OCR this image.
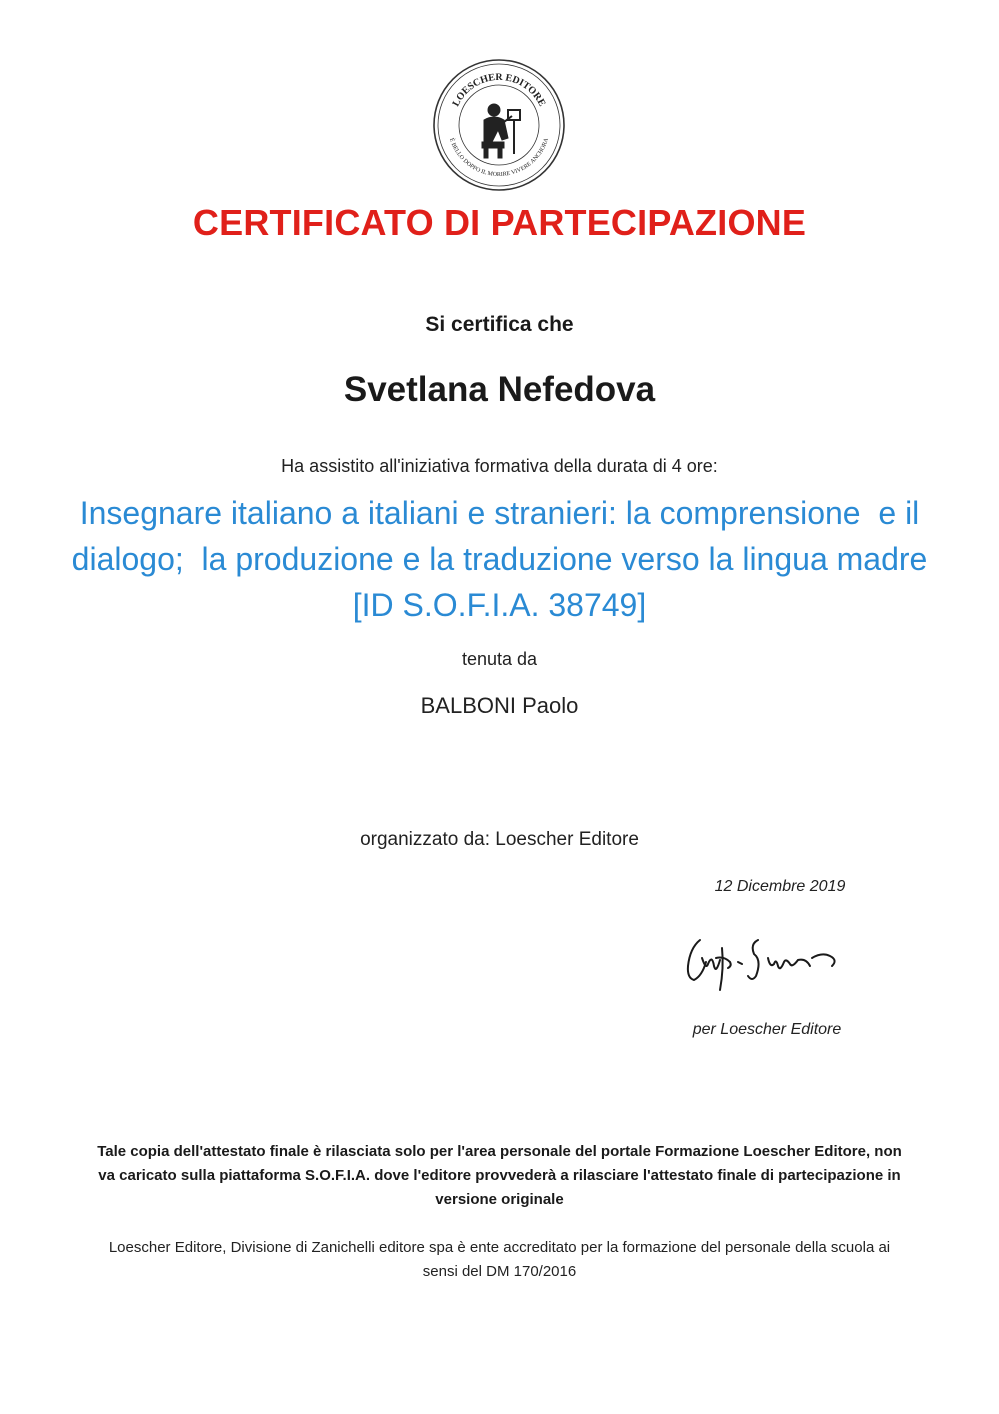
LOESCHER EDITORE
È BELLO DOPPO IL MORIRE VIVERE ANCHORA
CERTIFICATO DI PARTECIPAZIONE
Si certifica che
Svetlana Nefedova
Ha assistito all'iniziativa formativa della durata di 4 ore:
Insegnare italiano a italiani e stranieri: la comprensione  e il
dialogo;  la produzione e la traduzione verso la lingua madre
[ID S.O.F.I.A. 38749]
tenuta da
BALBONI Paolo
organizzato da: Loescher Editore
12 Dicembre 2019
per Loescher Editore
Tale copia dell'attestato finale è rilasciata solo per l'area personale del portale Formazione Loescher Editore, non
va caricato sulla piattaforma S.O.F.I.A. dove l'editore provvederà a rilasciare l'attestato finale di partecipazione in
versione originale
Loescher Editore, Divisione di Zanichelli editore spa è ente accreditato per la formazione del personale della scuola ai
sensi del DM 170/2016
